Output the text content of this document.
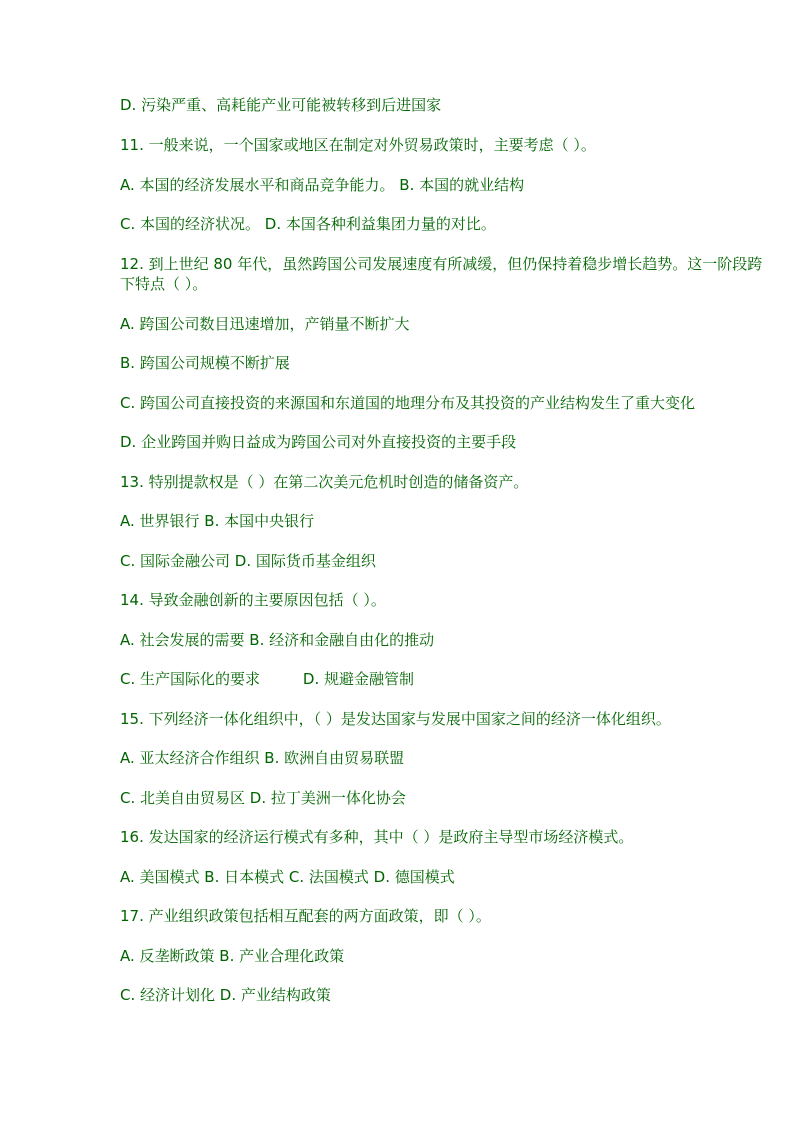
D. 污染严重、高耗能产业可能被转移到后进国家
11. 一般来说，一个国家或地区在制定对外贸易政策时，主要考虑（ ）。
A. 本国的经济发展水平和商品竞争能力。 B. 本国的就业结构
C. 本国的经济状况。 D. 本国各种利益集团力量的对比。
12. 到上世纪 80 年代，虽然跨国公司发展速度有所减缓，但仍保持着稳步增长趋势。这一阶段跨
下特点（ ）。
A. 跨国公司数目迅速增加，产销量不断扩大
B. 跨国公司规模不断扩展
C. 跨国公司直接投资的来源国和东道国的地理分布及其投资的产业结构发生了重大变化
D. 企业跨国并购日益成为跨国公司对外直接投资的主要手段
13. 特别提款权是（ ）在第二次美元危机时创造的储备资产。
A. 世界银行 B. 本国中央银行
C. 国际金融公司 D. 国际货币基金组织
14. 导致金融创新的主要原因包括（ ）。
A. 社会发展的需要 B. 经济和金融自由化的推动
C. 生产国际化的要求         D. 规避金融管制
15. 下列经济一体化组织中，（ ）是发达国家与发展中国家之间的经济一体化组织。
A. 亚太经济合作组织 B. 欧洲自由贸易联盟
C. 北美自由贸易区 D. 拉丁美洲一体化协会
16. 发达国家的经济运行模式有多种，其中（ ）是政府主导型市场经济模式。
A. 美国模式 B. 日本模式 C. 法国模式 D. 德国模式
17. 产业组织政策包括相互配套的两方面政策，即（ ）。
A. 反垄断政策 B. 产业合理化政策
C. 经济计划化 D. 产业结构政策
